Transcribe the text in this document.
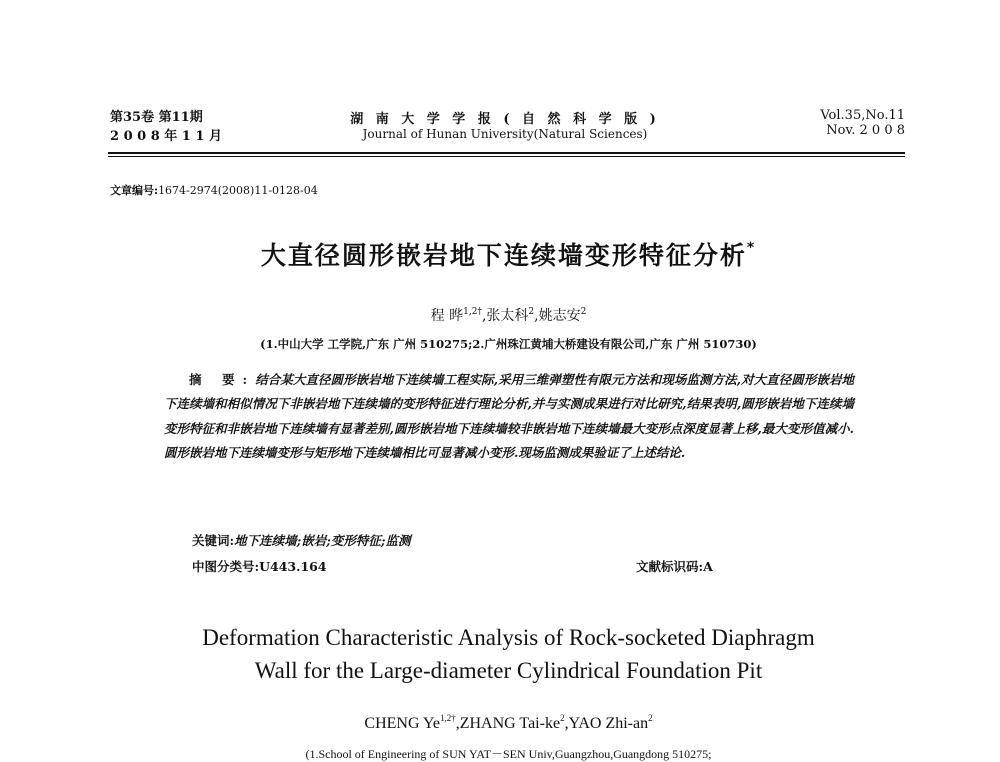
第35卷 第11期
2 0 0 8 年 1 1 月
湖 南 大 学 学 报 ( 自 然 科 学 版 )
Journal of Hunan University(Natural Sciences)
Vol.35,No.11
Nov. 2 0 0 8
文章编号:1674-2974(2008)11-0128-04
大直径圆形嵌岩地下连续墙变形特征分析*
程 晔$^{1,2\dagger}$,张太科$^2$,姚志安$^2$
(1.中山大学 工学院,广东 广州 510275;2.广州珠江黄埔大桥建设有限公司,广东 广州 510730)
摘 要:结合某大直径圆形嵌岩地下连续墙工程实际,采用三维弹塑性有限元方法和现场监测方法,对大直径圆形嵌岩地下连续墙和相似情况下非嵌岩地下连续墙的变形特征进行理论分析,并与实测成果进行对比研究,结果表明,圆形嵌岩地下连续墙变形特征和非嵌岩地下连续墙有显著差别,圆形嵌岩地下连续墙较非嵌岩地下连续墙最大变形点深度显著上移,最大变形值减小.圆形嵌岩地下连续墙变形与矩形地下连续墙相比可显著减小变形.现场监测成果验证了上述结论.
关键词:地下连续墙;嵌岩;变形特征;监测
中图分类号:U443.164	文献标识码:A
Deformation Characteristic Analysis of Rock-socketed Diaphragm
Wall for the Large-diameter Cylindrical Foundation Pit
CHENG $Ye^{1,2\dagger},ZHANG$ Tai-$ke^2,YAO$ Zhi-$an^2$
(1.School of Engineering of SUN YAT－SEN Univ,Guangzhou,Guangdong 510275;
